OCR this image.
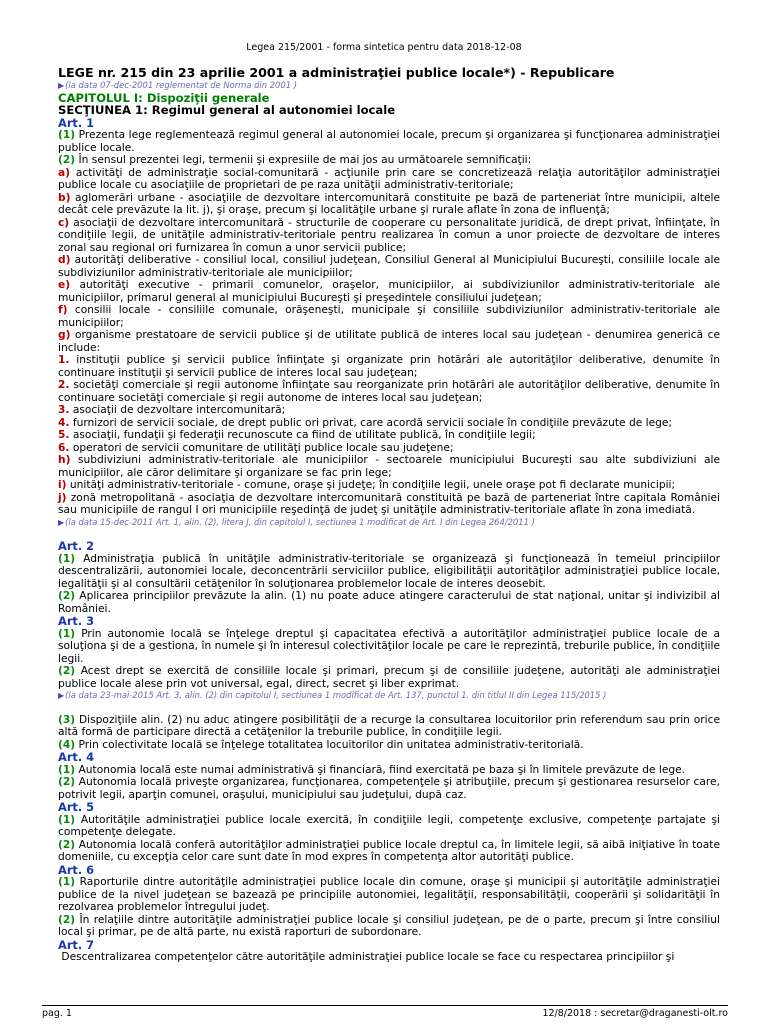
Legea 215/2001 - forma sintetica pentru data 2018-12-08

LEGE nr. 215 din 23 aprilie 2001 a administraţiei publice locale*) - Republicare

▶(la data 07-dec-2001 reglementat de Norma din 2001 )

CAPITOLUL I: Dispoziţii generale

SECŢIUNEA 1: Regimul general al autonomiei locale

Art. 1

(1) Prezenta lege reglementează regimul general al autonomiei locale, precum şi organizarea şi funcţionarea administraţiei publice locale.

(2) În sensul prezentei legi, termenii şi expresiile de mai jos au următoarele semnificaţii:

a) activităţi de administraţie social-comunitară - acţiunile prin care se concretizează relaţia autorităţilor administraţiei publice locale cu asociaţiile de proprietari de pe raza unităţii administrativ-teritoriale;

b) aglomerări urbane - asociaţiile de dezvoltare intercomunitară constituite pe bază de parteneriat între municipii, altele decât cele prevăzute la lit. j), şi oraşe, precum şi localităţile urbane şi rurale aflate în zona de influenţă;

c) asociaţii de dezvoltare intercomunitară - structurile de cooperare cu personalitate juridică, de drept privat, înfiinţate, în condiţiile legii, de unităţile administrativ-teritoriale pentru realizarea în comun a unor proiecte de dezvoltare de interes zonal sau regional ori furnizarea în comun a unor servicii publice;

d) autorităţi deliberative - consiliul local, consiliul judeţean, Consiliul General al Municipiului Bucureşti, consiliile locale ale subdiviziunilor administrativ-teritoriale ale municipiilor;

e) autorităţi executive - primarii comunelor, oraşelor, municipiilor, ai subdiviziunilor administrativ-teritoriale ale municipiilor, primarul general al municipiului Bucureşti şi preşedintele consiliului judeţean;

f) consilii locale - consiliile comunale, orăşeneşti, municipale şi consiliile subdiviziunilor administrativ-teritoriale ale municipiilor;

g) organisme prestatoare de servicii publice şi de utilitate publică de interes local sau judeţean - denumirea generică ce include:

1. instituţii publice şi servicii publice înfiinţate şi organizate prin hotărâri ale autorităţilor deliberative, denumite în continuare instituţii şi servicii publice de interes local sau judeţean;

2. societăţi comerciale şi regii autonome înfiinţate sau reorganizate prin hotărâri ale autorităţilor deliberative, denumite în continuare societăţi comerciale şi regii autonome de interes local sau judeţean;

3. asociaţii de dezvoltare intercomunitară;

4. furnizori de servicii sociale, de drept public ori privat, care acordă servicii sociale în condiţiile prevăzute de lege;

5. asociaţii, fundaţii şi federaţii recunoscute ca fiind de utilitate publică, în condiţiile legii;

6. operatori de servicii comunitare de utilităţi publice locale sau judeţene;

h) subdiviziuni administrativ-teritoriale ale municipiilor - sectoarele municipiului Bucureşti sau alte subdiviziuni ale municipiilor, ale căror delimitare şi organizare se fac prin lege;

i) unităţi administrativ-teritoriale - comune, oraşe şi judeţe; în condiţiile legii, unele oraşe pot fi declarate municipii;

j) zonă metropolitană - asociaţia de dezvoltare intercomunitară constituită pe bază de parteneriat între capitala României sau municipiile de rangul I ori municipiile reşedinţă de judeţ şi unităţile administrativ-teritoriale aflate în zona imediată.

▶(la data 15-dec-2011 Art. 1, alin. (2), litera J. din capitolul I, sectiunea 1 modificat de Art. I din Legea 264/2011 )

Art. 2

(1) Administraţia publică în unităţile administrativ-teritoriale se organizează şi funcţionează în temeiul principiilor descentralizării, autonomiei locale, deconcentrării serviciilor publice, eligibilităţii autorităţilor administraţiei publice locale, legalităţii şi al consultării cetăţenilor în soluţionarea problemelor locale de interes deosebit.

(2) Aplicarea principiilor prevăzute la alin. (1) nu poate aduce atingere caracterului de stat naţional, unitar şi indivizibil al României.

Art. 3

(1) Prin autonomie locală se înţelege dreptul şi capacitatea efectivă a autorităţilor administraţiei publice locale de a soluţiona şi de a gestiona, în numele şi în interesul colectivităţilor locale pe care le reprezintă, treburile publice, în condiţiile legii.

(2) Acest drept se exercită de consiliile locale şi primari, precum şi de consiliile judeţene, autorităţi ale administraţiei publice locale alese prin vot universal, egal, direct, secret şi liber exprimat.

▶(la data 23-mai-2015 Art. 3, alin. (2) din capitolul I, sectiunea 1 modificat de Art. 137, punctul 1. din titlul II din Legea 115/2015 )

(3) Dispoziţiile alin. (2) nu aduc atingere posibilităţii de a recurge la consultarea locuitorilor prin referendum sau prin orice altă formă de participare directă a cetăţenilor la treburile publice, în condiţiile legii.

(4) Prin colectivitate locală se înţelege totalitatea locuitorilor din unitatea administrativ-teritorială.

Art. 4

(1) Autonomia locală este numai administrativă şi financiară, fiind exercitată pe baza şi în limitele prevăzute de lege.

(2) Autonomia locală priveşte organizarea, funcţionarea, competenţele şi atribuţiile, precum şi gestionarea resurselor care, potrivit legii, aparţin comunei, oraşului, municipiului sau judeţului, după caz.

Art. 5

(1) Autorităţile administraţiei publice locale exercită, în condiţiile legii, competenţe exclusive, competenţe partajate şi competenţe delegate.

(2) Autonomia locală conferă autorităţilor administraţiei publice locale dreptul ca, în limitele legii, să aibă iniţiative în toate domeniile, cu excepţia celor care sunt date în mod expres în competenţa altor autorităţi publice.

Art. 6

(1) Raporturile dintre autorităţile administraţiei publice locale din comune, oraşe şi municipii şi autorităţile administraţiei publice de la nivel judeţean se bazează pe principiile autonomiei, legalităţii, responsabilităţii, cooperării şi solidarităţii în rezolvarea problemelor întregului judeţ.

(2) În relaţiile dintre autorităţile administraţiei publice locale şi consiliul judeţean, pe de o parte, precum şi între consiliul local şi primar, pe de altă parte, nu există raporturi de subordonare.

Art. 7

Descentralizarea competenţelor către autorităţile administraţiei publice locale se face cu respectarea principiilor şi

pag. 1	12/8/2018 : secretar@draganesti-olt.ro
